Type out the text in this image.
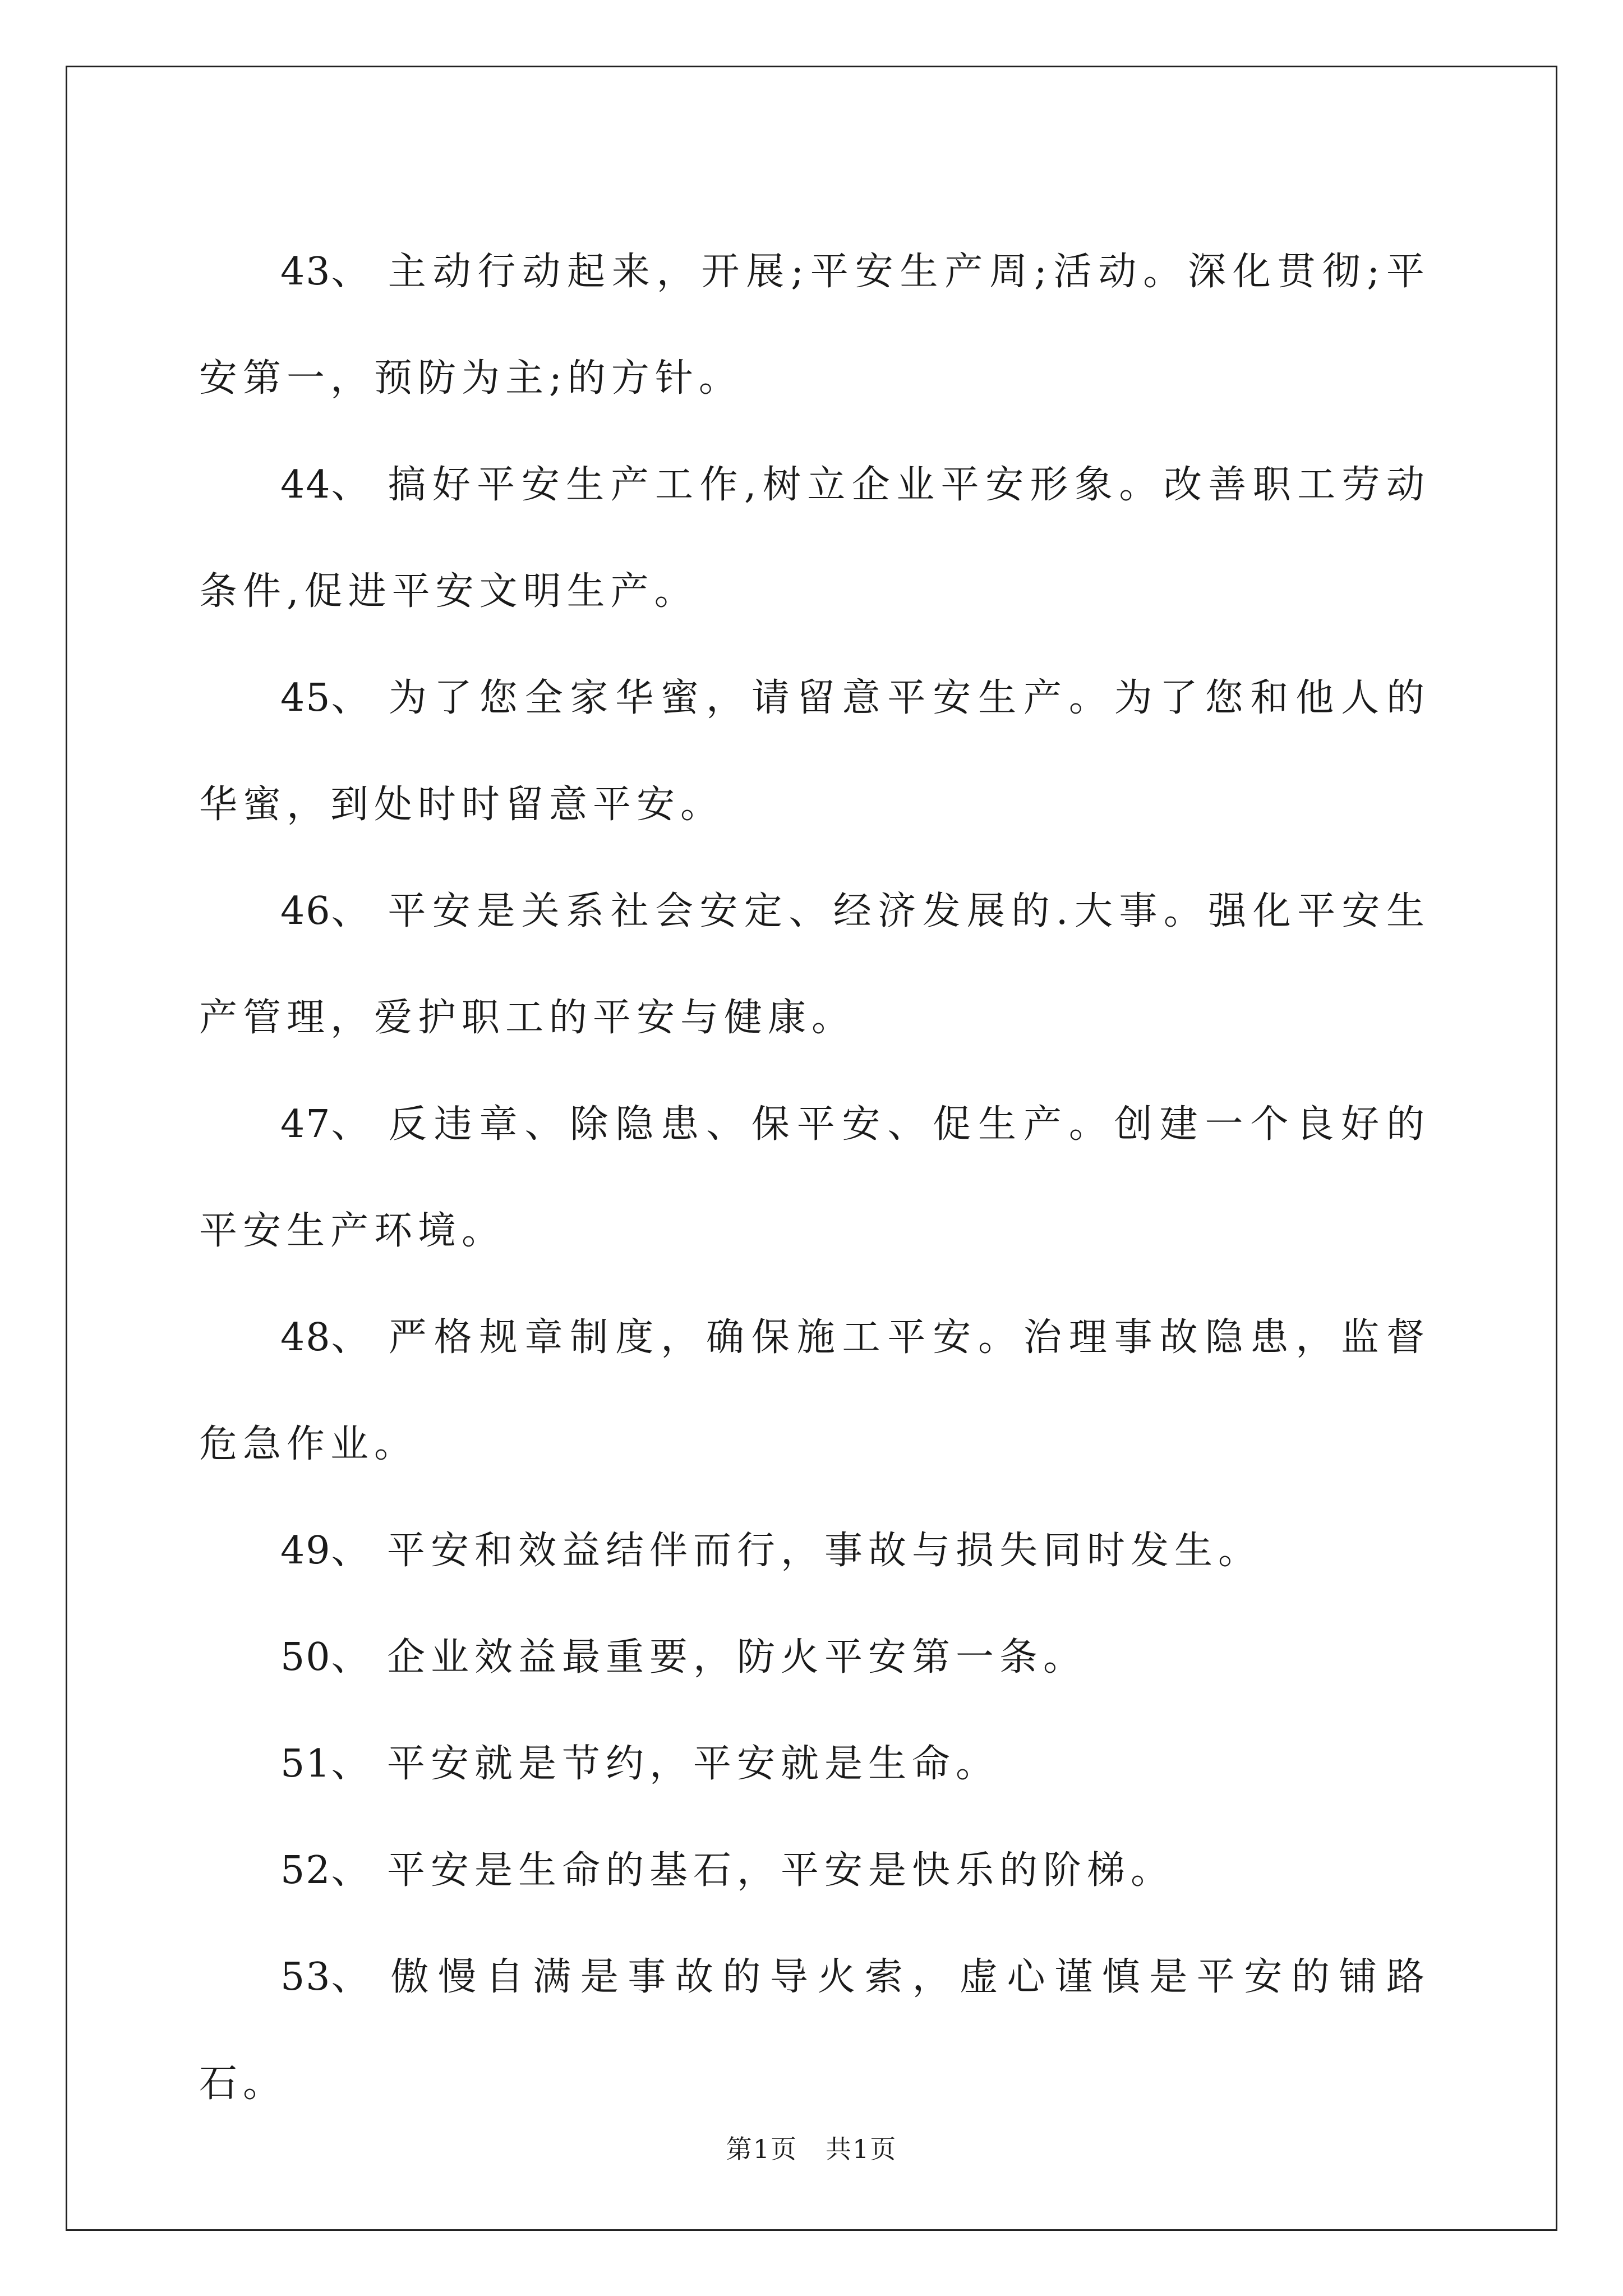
43、 主动行动起来，开展;平安生产周;活动。深化贯彻;平安第一，预防为主;的方针。

44、 搞好平安生产工作,树立企业平安形象。改善职工劳动条件,促进平安文明生产。

45、 为了您全家华蜜，请留意平安生产。为了您和他人的华蜜，到处时时留意平安。

46、 平安是关系社会安定、经济发展的.大事。强化平安生产管理，爱护职工的平安与健康。

47、 反违章、除隐患、保平安、促生产。创建一个良好的平安生产环境。

48、 严格规章制度，确保施工平安。治理事故隐患，监督危急作业。

49、 平安和效益结伴而行，事故与损失同时发生。

50、 企业效益最重要，防火平安第一条。

51、 平安就是节约，平安就是生命。

52、 平安是生命的基石，平安是快乐的阶梯。

53、 傲慢自满是事故的导火索，虚心谨慎是平安的铺路石。

第1页 共1页
